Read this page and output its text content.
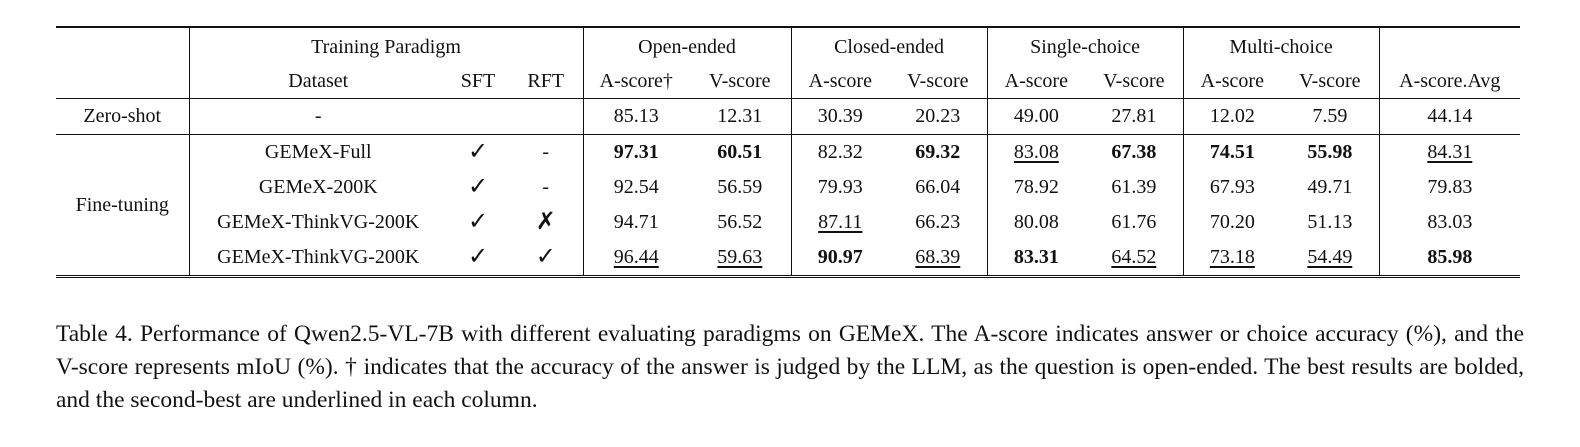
	Training Paradigm			Open-ended		Closed-ended		Single-choice		Multi-choice		
	Dataset	SFT	RFT	A-score†	V-score	A-score	V-score	A-score	V-score	A-score	V-score	A-score.Avg
Zero-shot	-			85.13	12.31	30.39	20.23	49.00	27.81	12.02	7.59	44.14
Fine-tuning	GEMeX-Full	✓	-	97.31	60.51	82.32	69.32	83.08	67.38	74.51	55.98	84.31
	GEMeX-200K	✓	-	92.54	56.59	79.93	66.04	78.92	61.39	67.93	49.71	79.83
	GEMeX-ThinkVG-200K	✓	✗	94.71	56.52	87.11	66.23	80.08	61.76	70.20	51.13	83.03
	GEMeX-ThinkVG-200K	✓	✓	96.44	59.63	90.97	68.39	83.31	64.52	73.18	54.49	85.98
Table 4. Performance of Qwen2.5-VL-7B with different evaluating paradigms on GEMeX. The A-score indicates answer or choice accuracy (%), and the V-score represents mIoU (%). † indicates that the accuracy of the answer is judged by the LLM, as the question is open-ended. The best results are bolded, and the second-best are underlined in each column.
